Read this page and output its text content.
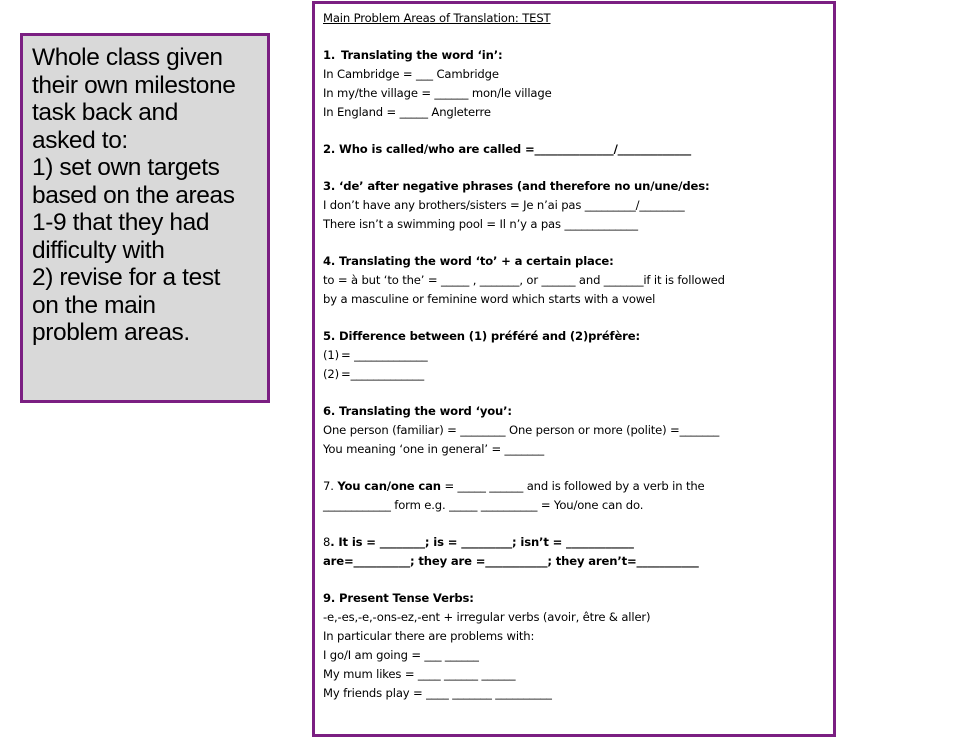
Whole class given
their own milestone
task back and
asked to:
1) set own targets
based on the areas
1-9 that they had
difficulty with
2) revise for a test
on the main
problem areas.
Main Problem Areas of Translation: TEST
1. Translating the word ‘in’:
In Cambridge = ___ Cambridge
In my/the village = ______ mon/le village
In England = _____ Angleterre
2. Who is called/who are called =______________/_____________
3. ‘de’ after negative phrases (and therefore no un/une/des:
I don’t have any brothers/sisters = Je n’ai pas _________/________
There isn’t a swimming pool = Il n’y a pas _____________
4. Translating the word ‘to’ + a certain place:
to = à but ‘to the’ = _____ , _______, or ______ and _______if it is followed
by a masculine or feminine word which starts with a vowel
5. Difference between (1) préféré and (2)préfère:
(1) = _____________
(2) =_____________
6. Translating the word ‘you’:
One person (familiar) = ________ One person or more (polite) =_______
You meaning ‘one in general’ = _______
7. You can/one can = _____ ______ and is followed by a verb in the
____________ form e.g. _____ __________ = You/one can do.
8. It is = ________; is = _________; isn’t = ____________
are=__________; they are =___________; they aren’t=___________
9. Present Tense Verbs:
-e,-es,-e,-ons-ez,-ent + irregular verbs (avoir, être & aller)
In particular there are problems with:
I go/I am going = ___ ______
My mum likes = ____ ______ ______
My friends play = ____ _______ __________
